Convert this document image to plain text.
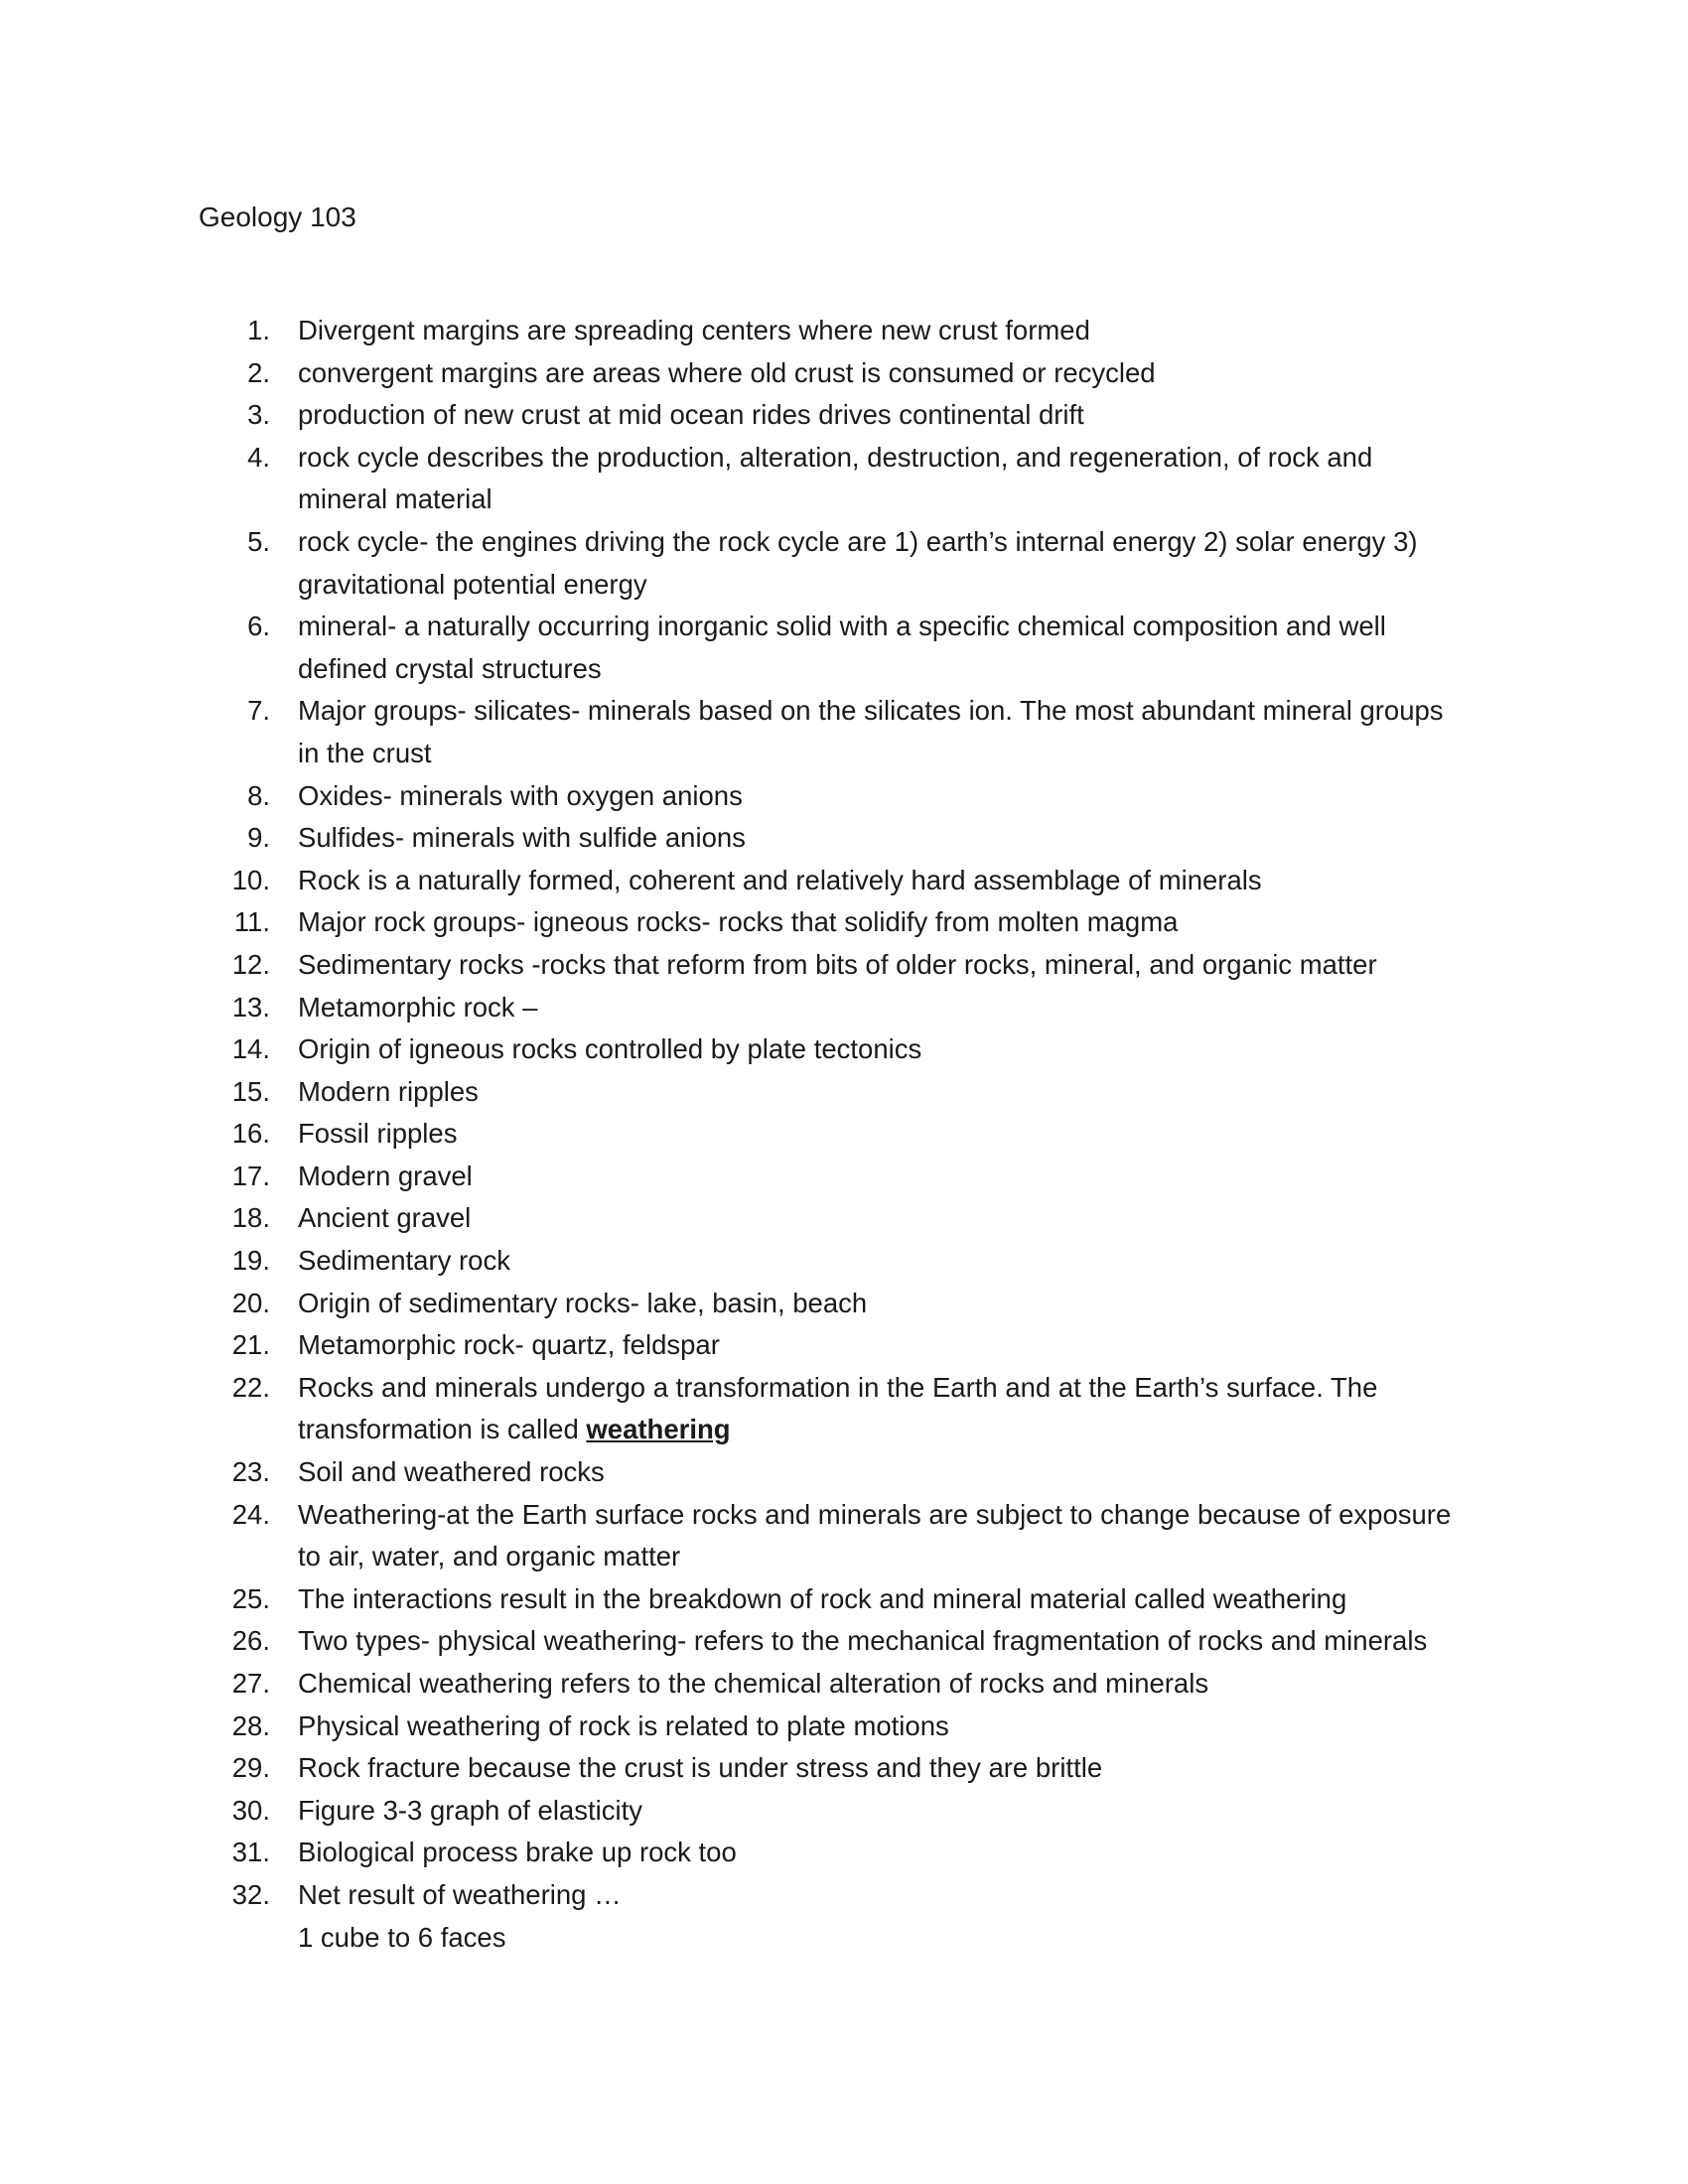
Geology 103
1. Divergent margins are spreading centers where new crust formed
2. convergent margins are areas where old crust is consumed or recycled
3. production of new crust at mid ocean rides drives continental drift
4. rock cycle describes the production, alteration, destruction, and regeneration, of rock and mineral material
5. rock cycle- the engines driving the rock cycle are 1) earth’s internal energy 2) solar energy 3) gravitational potential energy
6. mineral- a naturally occurring inorganic solid with a specific chemical composition and well defined crystal structures
7. Major groups- silicates- minerals based on the silicates ion. The most abundant mineral groups in the crust
8. Oxides- minerals with oxygen anions
9. Sulfides- minerals with sulfide anions
10. Rock is a naturally formed, coherent and relatively hard assemblage of minerals
11. Major rock groups- igneous rocks- rocks that solidify from molten magma
12. Sedimentary rocks -rocks that reform from bits of older rocks, mineral, and organic matter
13. Metamorphic rock –
14. Origin of igneous rocks controlled by plate tectonics
15. Modern ripples
16. Fossil ripples
17. Modern gravel
18. Ancient gravel
19. Sedimentary rock
20. Origin of sedimentary rocks- lake, basin, beach
21. Metamorphic rock- quartz, feldspar
22. Rocks and minerals undergo a transformation in the Earth and at the Earth’s surface. The transformation is called weathering
23. Soil and weathered rocks
24. Weathering-at the Earth surface rocks and minerals are subject to change because of exposure to air, water, and organic matter
25. The interactions result in the breakdown of rock and mineral material called weathering
26. Two types- physical weathering- refers to the mechanical fragmentation of rocks and minerals
27. Chemical weathering refers to the chemical alteration of rocks and minerals
28. Physical weathering of rock is related to plate motions
29. Rock fracture because the crust is under stress and they are brittle
30. Figure 3-3 graph of elasticity
31. Biological process brake up rock too
32. Net result of weathering …
1 cube to 6 faces
